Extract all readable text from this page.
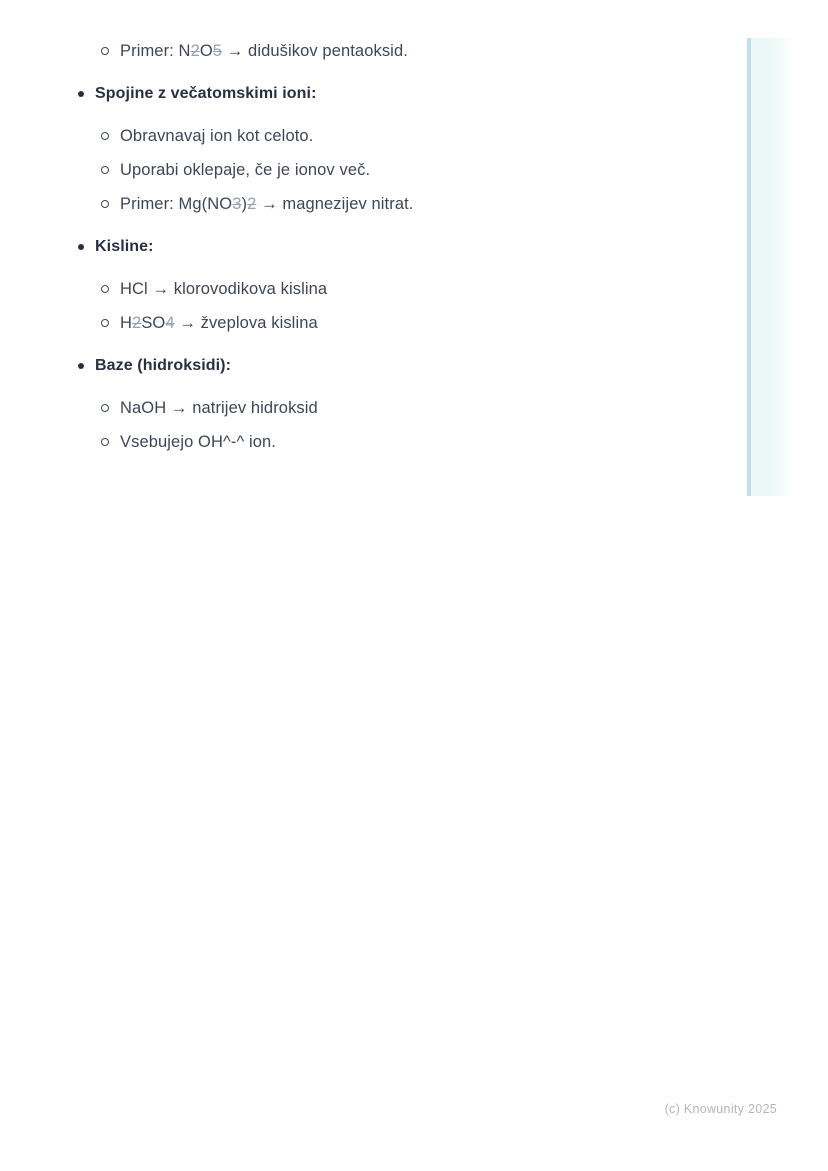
Primer: N2O5 → didušikov pentaoksid.
Spojine z večatomskimi ioni:
Obravnavaj ion kot celoto.
Uporabi oklepaje, če je ionov več.
Primer: Mg(NO3)2 → magnezijev nitrat.
Kisline:
HCl → klorovodikova kislina
H2SO4 → žveplova kislina
Baze (hidroksidi):
NaOH → natrijev hidroksid
Vsebujejo OH^-^ ion.
(c) Knowunity 2025
